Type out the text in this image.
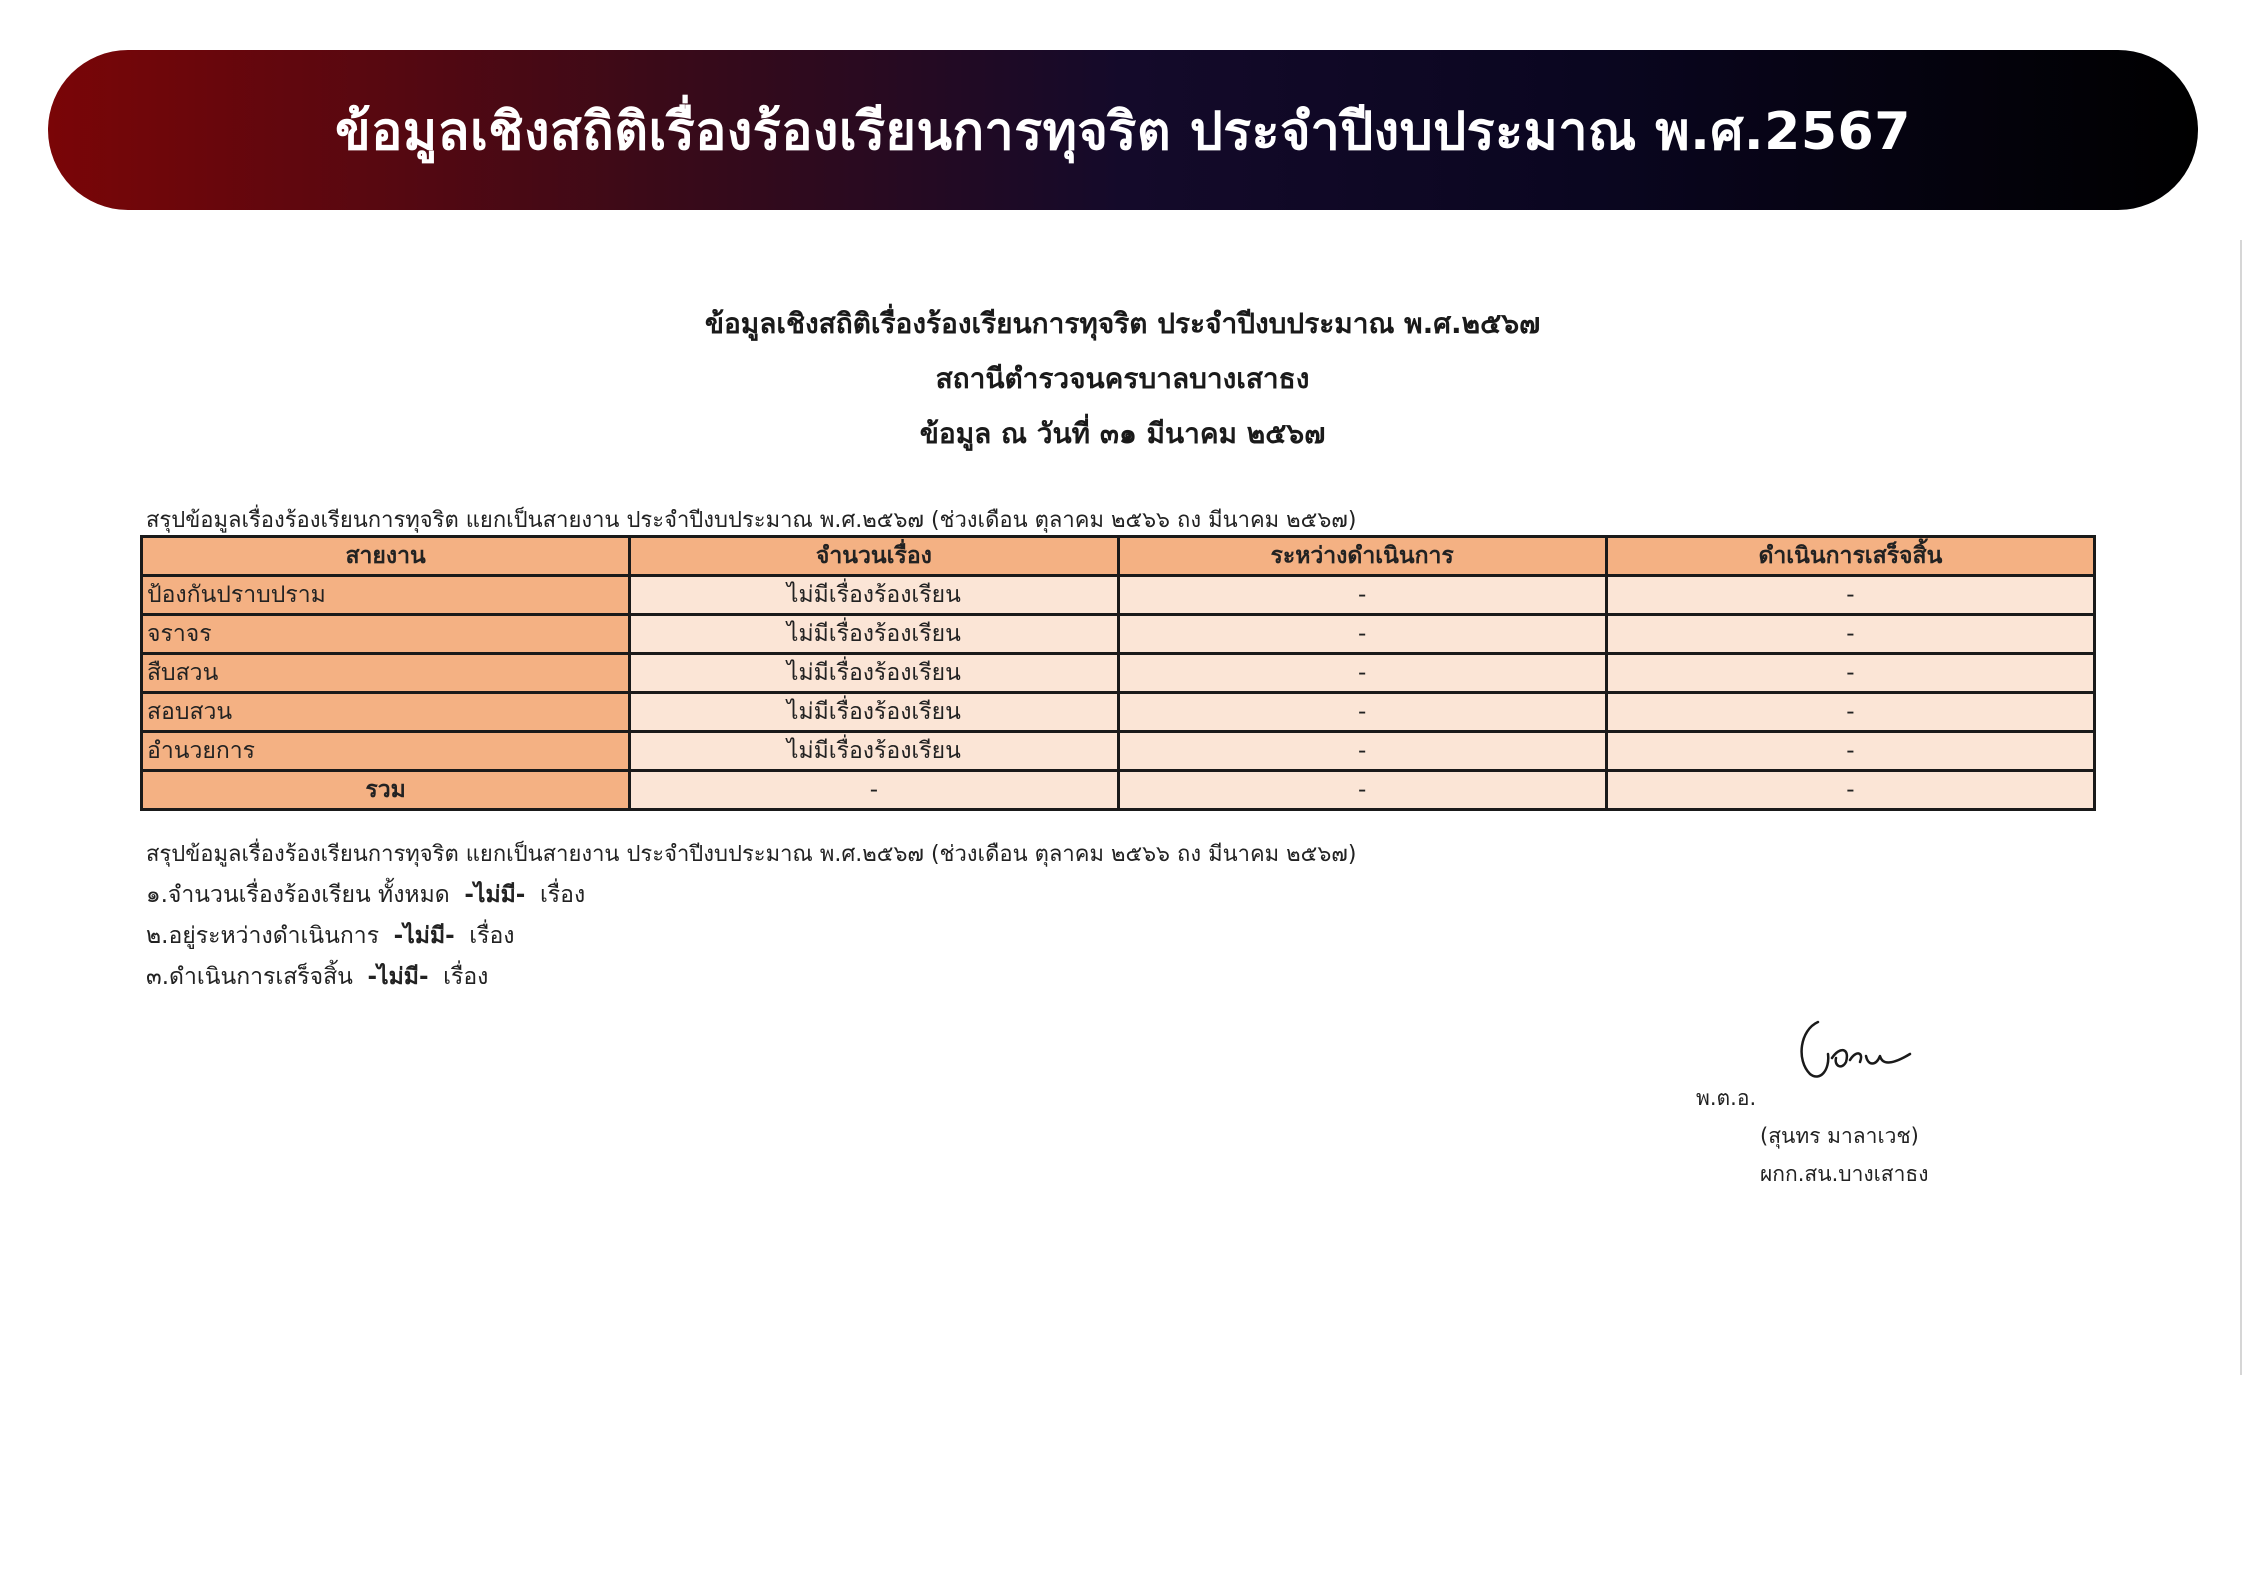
ข้อมูลเชิงสถิติเรื่องร้องเรียนการทุจริต ประจำปีงบประมาณ พ.ศ.2567
ข้อมูลเชิงสถิติเรื่องร้องเรียนการทุจริต ประจำปีงบประมาณ พ.ศ.๒๕๖๗
สถานีตำรวจนครบาลบางเสาธง
ข้อมูล ณ วันที่ ๓๑ มีนาคม ๒๕๖๗
สรุปข้อมูลเรื่องร้องเรียนการทุจริต แยกเป็นสายงาน ประจำปีงบประมาณ พ.ศ.๒๕๖๗ (ช่วงเดือน ตุลาคม ๒๕๖๖ ถง มีนาคม ๒๕๖๗)
สายงาน	จำนวนเรื่อง	ระหว่างดำเนินการ	ดำเนินการเสร็จสิ้น
ป้องกันปราบปราม	ไม่มีเรื่องร้องเรียน	-	-
จราจร	ไม่มีเรื่องร้องเรียน	-	-
สืบสวน	ไม่มีเรื่องร้องเรียน	-	-
สอบสวน	ไม่มีเรื่องร้องเรียน	-	-
อำนวยการ	ไม่มีเรื่องร้องเรียน	-	-
รวม	-	-	-
สรุปข้อมูลเรื่องร้องเรียนการทุจริต แยกเป็นสายงาน ประจำปีงบประมาณ พ.ศ.๒๕๖๗ (ช่วงเดือน ตุลาคม ๒๕๖๖ ถง มีนาคม ๒๕๖๗)
๑.จำนวนเรื่องร้องเรียน ทั้งหมด -ไม่มี- เรื่อง
๒.อยู่ระหว่างดำเนินการ -ไม่มี- เรื่อง
๓.ดำเนินการเสร็จสิ้น -ไม่มี- เรื่อง
พ.ต.อ.
(สุนทร มาลาเวช)
ผกก.สน.บางเสาธง
